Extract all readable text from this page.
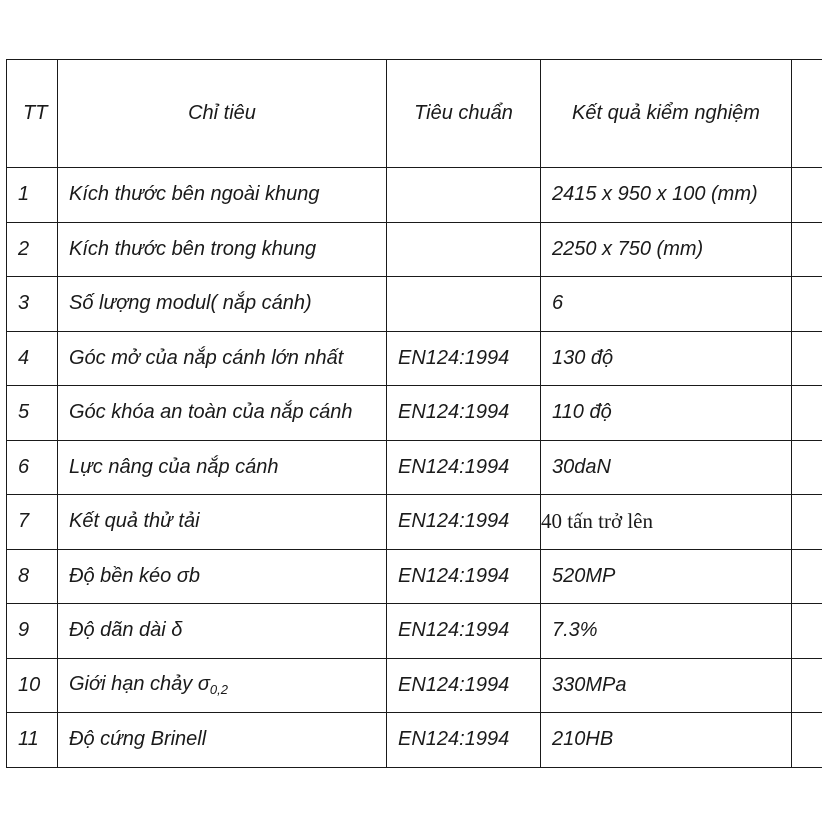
TT	Chỉ tiêu	Tiêu chuẩn	Kết quả kiểm nghiệm	
1	Kích thước bên ngoài khung		2415 x 950 x 100 (mm)	
2	Kích thước bên trong khung		2250 x 750 (mm)	
3	Số lượng modul( nắp cánh)		6	
4	Góc mở của nắp cánh lớn nhất	EN124:1994	130 độ	
5	Góc khóa an toàn của nắp cánh	EN124:1994	110 độ	
6	Lực nâng của nắp cánh	EN124:1994	30daN	
7	Kết quả thử tải	EN124:1994	40 tấn trở lên	
8	Độ bền kéo σb	EN124:1994	520MP	
9	Độ dãn dài δ	EN124:1994	7.3%	
10	Giới hạn chảy $\sigma_{0,2}$	EN124:1994	330MPa	
11	Độ cứng Brinell	EN124:1994	210HB	
